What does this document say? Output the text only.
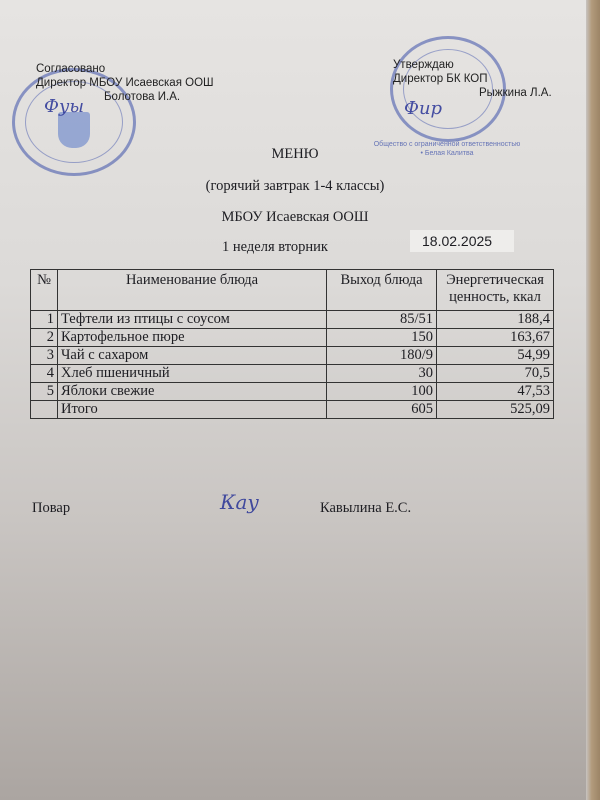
Общество с ограниченной ответственностью • Белая Калитва
Согласовано
Директор МБОУ Исаевская ООШ
Болотова И.А.
Фуы
Утверждаю
Директор БК КОП
Рыжкина Л.А.
Фир
МЕНЮ
(горячий завтрак 1-4 классы)
МБОУ Исаевская ООШ
1 неделя вторник	18.02.2025
№	Наименование блюда	Выход блюда	Энергетическая ценность, ккал
1	Тефтели из птицы с соусом	85/51	188,4
2	Картофельное пюре	150	163,67
3	Чай с сахаром	180/9	54,99
4	Хлеб пшеничный	30	70,5
5	Яблоки свежие	100	47,53
	Итого	605	525,09
Повар	Кау	Кавылина Е.С.
